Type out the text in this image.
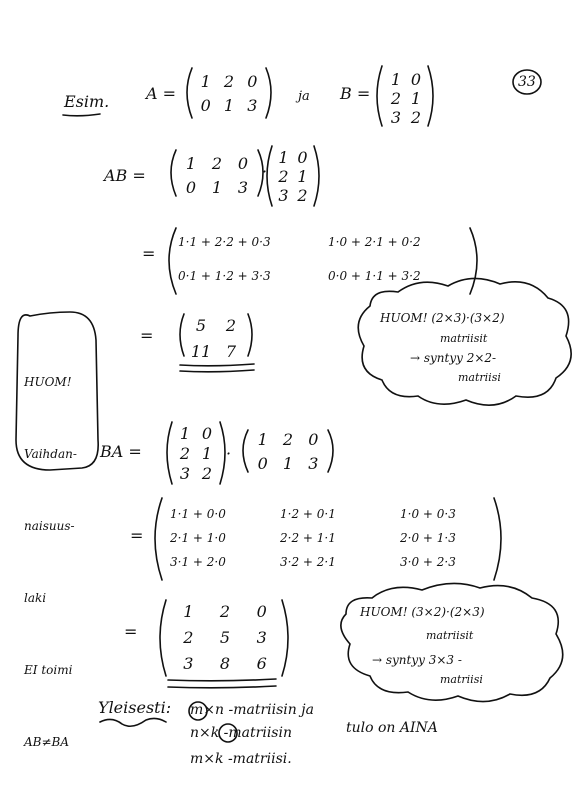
33
Esim. A =
1 2 0
0 1 3	ja B =
1 0
2 1
3 2
AB =
1 2 0
0 1 3
·
1 0
2 1
3 2
=
1·1 + 2·2 + 0·3	1·0 + 2·1 + 0·2
0·1 + 1·2 + 3·3	0·0 + 1·1 + 3·2
=
5	2
11 7

HUOM!

Vaihdan-

naisuus-

laki

EI toimi

AB≠BA

HUOM! (2×3)·(3×2)
matriisit
→ syntyy 2×2-
matriisi
BA =
1 0
2 1
3 2
·
1 2 0
0 1 3
=
1·1 + 0·0	1·2 + 0·1	1·0 + 0·3
2·1 + 1·0	2·2 + 1·1	2·0 + 1·3
3·1 + 2·0	3·2 + 2·1	3·0 + 2·3
=
1	2	0
2	5	3
3	8	6
HUOM! (3×2)·(2×3)
matriisit
→ syntyy 3×3 -
matriisi
Yleisesti: m×n -matriisin ja
n×k -matriisin	tulo on AINA
m×k -matriisi.
